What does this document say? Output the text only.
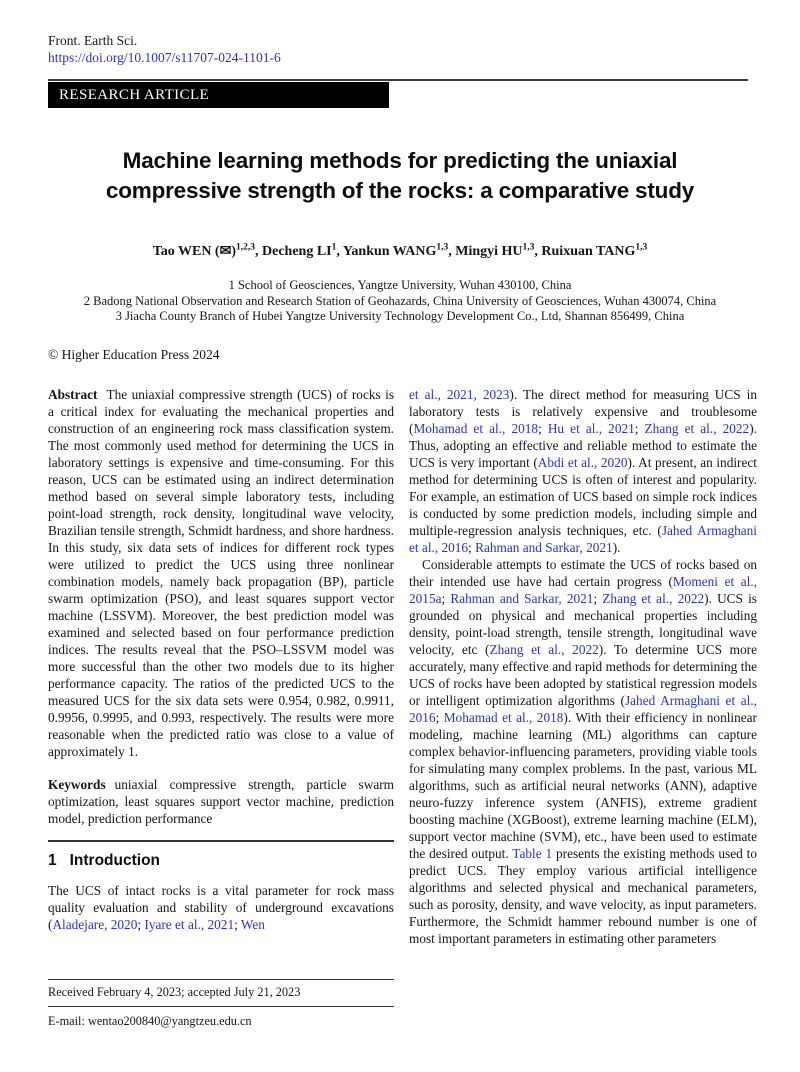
Front. Earth Sci.
https://doi.org/10.1007/s11707-024-1101-6
RESEARCH ARTICLE
Machine learning methods for predicting the uniaxial
compressive strength of the rocks: a comparative study
Tao WEN (✉)$^{1,2,3}$, Decheng $LI^1$, Yankun WANG$^{1,3}$, Mingyi HU$^{1,3}$, Ruixuan TANG$^{1,3}$
1 School of Geosciences, Yangtze University, Wuhan 430100, China
2 Badong National Observation and Research Station of Geohazards, China University of Geosciences, Wuhan 430074, China
3 Jiacha County Branch of Hubei Yangtze University Technology Development Co., Ltd, Shannan 856499, China
© Higher Education Press 2024

Abstract The uniaxial compressive strength (UCS) of rocks is a critical index for evaluating the mechanical properties and construction of an engineering rock mass classification system. The most commonly used method for determining the UCS in laboratory settings is expensive and time-consuming. For this reason, UCS can be estimated using an indirect determination method based on several simple laboratory tests, including point-load strength, rock density, longitudinal wave velocity, Brazilian tensile strength, Schmidt hardness, and shore hardness. In this study, six data sets of indices for different rock types were utilized to predict the UCS using three nonlinear combination models, namely back propagation (BP), particle swarm optimization (PSO), and least squares support vector machine (LSSVM). Moreover, the best prediction model was examined and selected based on four performance prediction indices. The results reveal that the PSO–LSSVM model was more successful than the other two models due to its higher performance capacity. The ratios of the predicted UCS to the measured UCS for the six data sets were 0.954, 0.982, 0.9911, 0.9956, 0.9995, and 0.993, respectively. The results were more reasonable when the predicted ratio was close to a value of approximately 1.

Keywords uniaxial compressive strength, particle swarm optimization, least squares support vector machine, prediction model, prediction performance

1 Introduction

The UCS of intact rocks is a vital parameter for rock mass quality evaluation and stability of underground excavations (Aladejare, 2020; Iyare et al., 2021; Wen

et al., 2021, 2023). The direct method for measuring UCS in laboratory tests is relatively expensive and troublesome (Mohamad et al., 2018; Hu et al., 2021; Zhang et al., 2022). Thus, adopting an effective and reliable method to estimate the UCS is very important (Abdi et al., 2020). At present, an indirect method for determining UCS is often of interest and popularity. For example, an estimation of UCS based on simple rock indices is conducted by some prediction models, including simple and multiple-regression analysis techniques, etc. (Jahed Armaghani et al., 2016; Rahman and Sarkar, 2021).

Considerable attempts to estimate the UCS of rocks based on their intended use have had certain progress (Momeni et al., 2015a; Rahman and Sarkar, 2021; Zhang et al., 2022). UCS is grounded on physical and mechanical properties including density, point-load strength, tensile strength, longitudinal wave velocity, etc (Zhang et al., 2022). To determine UCS more accurately, many effective and rapid methods for determining the UCS of rocks have been adopted by statistical regression models or intelligent optimization algorithms (Jahed Armaghani et al., 2016; Mohamad et al., 2018). With their efficiency in nonlinear modeling, machine learning (ML) algorithms can capture complex behavior-influencing parameters, providing viable tools for simulating many complex problems. In the past, various ML algorithms, such as artificial neural networks (ANN), adaptive neuro-fuzzy inference system (ANFIS), extreme gradient boosting machine (XGBoost), extreme learning machine (ELM), support vector machine (SVM), etc., have been used to estimate the desired output. Table 1 presents the existing methods used to predict UCS. They employ various artificial intelligence algorithms and selected physical and mechanical parameters, such as porosity, density, and wave velocity, as input parameters. Furthermore, the Schmidt hammer rebound number is one of most important parameters in estimating other parameters

Received February 4, 2023; accepted July 21, 2023
E-mail: wentao200840@yangtzeu.edu.cn
